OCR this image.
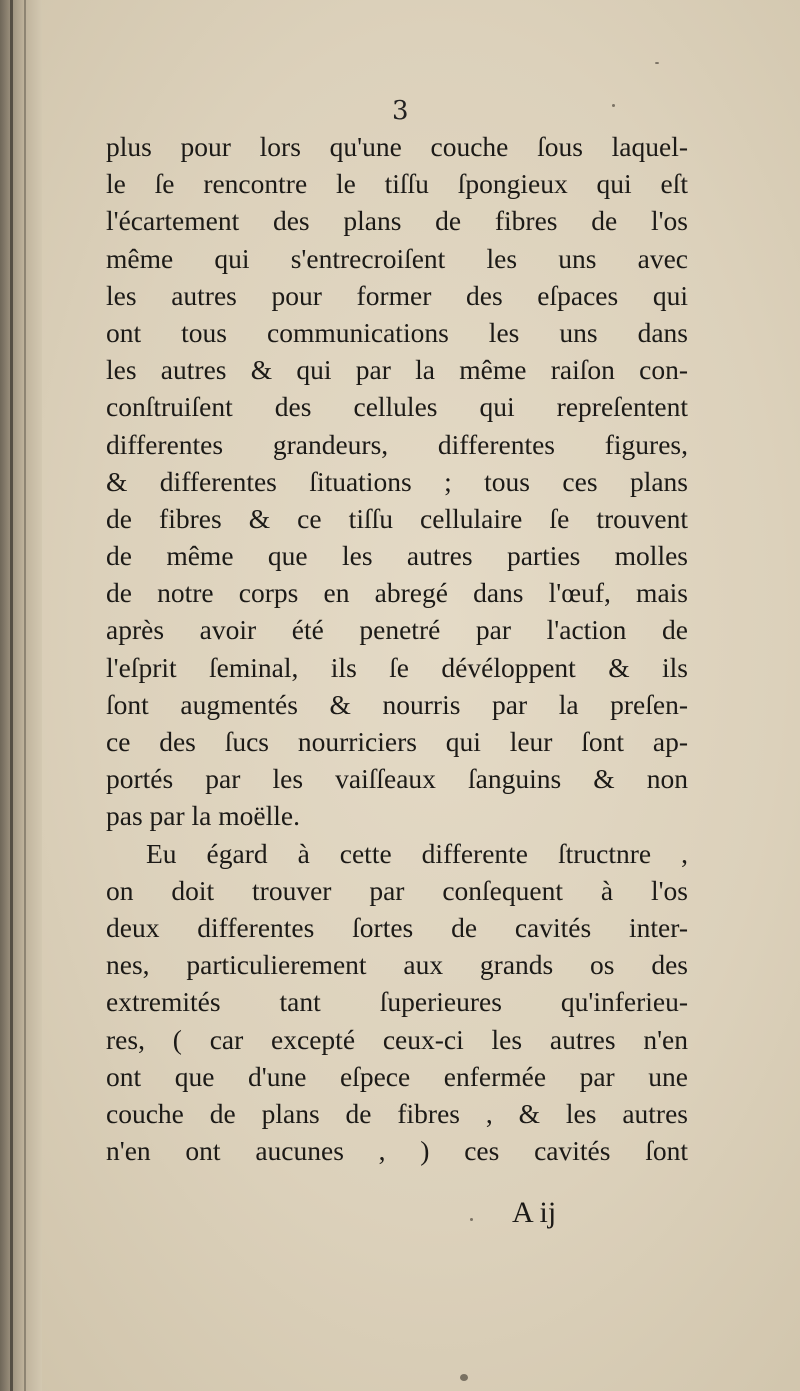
3
plus pour lors qu'une couche ſous laquel-
le ſe rencontre le tiſſu ſpongieux qui eſt
l'écartement des plans de fibres de l'os
même qui s'entrecroiſent les uns avec
les autres pour former des eſpaces qui
ont tous communications les uns dans
les autres & qui par la même raiſon con-
conſtruiſent des cellules qui repreſentent
differentes grandeurs, differentes figures,
& differentes ſituations ; tous ces plans
de fibres & ce tiſſu cellulaire ſe trouvent
de même que les autres parties molles
de notre corps en abregé dans l'œuf, mais
après avoir été penetré par l'action de
l'eſprit ſeminal, ils ſe dévéloppent & ils
ſont augmentés & nourris par la preſen-
ce des ſucs nourriciers qui leur ſont ap-
portés par les vaiſſeaux ſanguins & non
pas par la moëlle.
Eu égard à cette differente ſtructnre ,
on doit trouver par conſequent à l'os
deux differentes ſortes de cavités inter-
nes, particulierement aux grands os des
extremités tant ſuperieures qu'inferieu-
res, ( car excepté ceux-ci les autres n'en
ont que d'une eſpece enfermée par une
couche de plans de fibres , & les autres
n'en ont aucunes , ) ces cavités ſont
A ij
